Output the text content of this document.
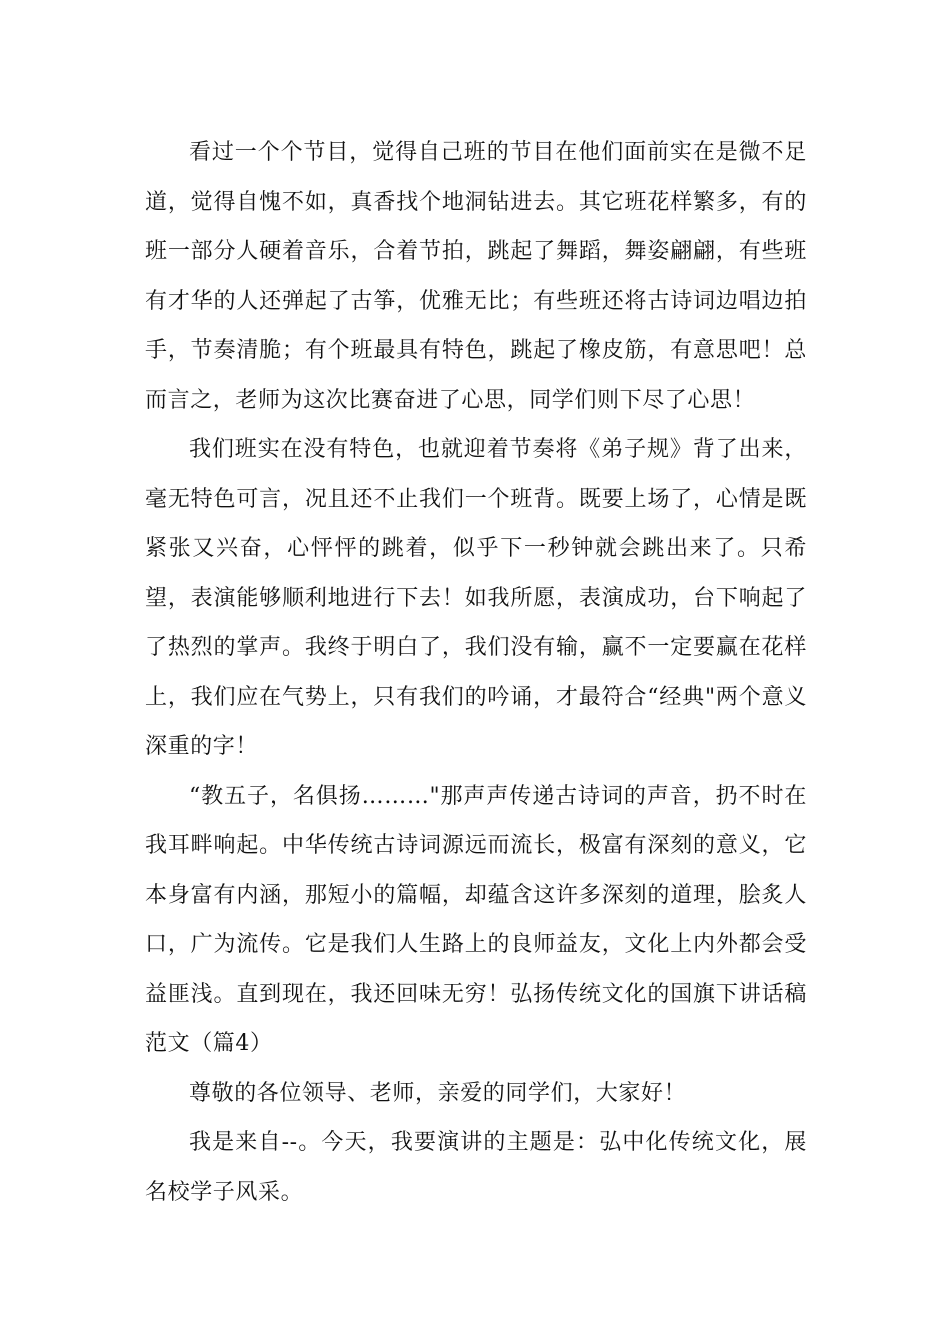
看过一个个节目，觉得自己班的节目在他们面前实在是微不足道，觉得自愧不如，真香找个地洞钻进去。其它班花样繁多，有的班一部分人硬着音乐，合着节拍，跳起了舞蹈，舞姿翩翩，有些班有才华的人还弹起了古筝，优雅无比；有些班还将古诗词边唱边拍手，节奏清脆；有个班最具有特色，跳起了橡皮筋，有意思吧！总而言之，老师为这次比赛奋进了心思，同学们则下尽了心思！

我们班实在没有特色，也就迎着节奏将《弟子规》背了出来，毫无特色可言，况且还不止我们一个班背。既要上场了，心情是既紧张又兴奋，心怦怦的跳着，似乎下一秒钟就会跳出来了。只希望，表演能够顺利地进行下去！如我所愿，表演成功，台下响起了了热烈的掌声。我终于明白了，我们没有输，赢不一定要赢在花样上，我们应在气势上，只有我们的吟诵，才最符合“经典"两个意义深重的字！

“教五子，名俱扬………"那声声传递古诗词的声音，扔不时在我耳畔响起。中华传统古诗词源远而流长，极富有深刻的意义，它本身富有内涵，那短小的篇幅，却蕴含这许多深刻的道理，脍炙人口，广为流传。它是我们人生路上的良师益友，文化上内外都会受益匪浅。直到现在，我还回味无穷！弘扬传统文化的国旗下讲话稿范文（篇4）

尊敬的各位领导、老师，亲爱的同学们，大家好！

我是来自--。今天，我要演讲的主题是：弘中化传统文化，展名校学子风采。
